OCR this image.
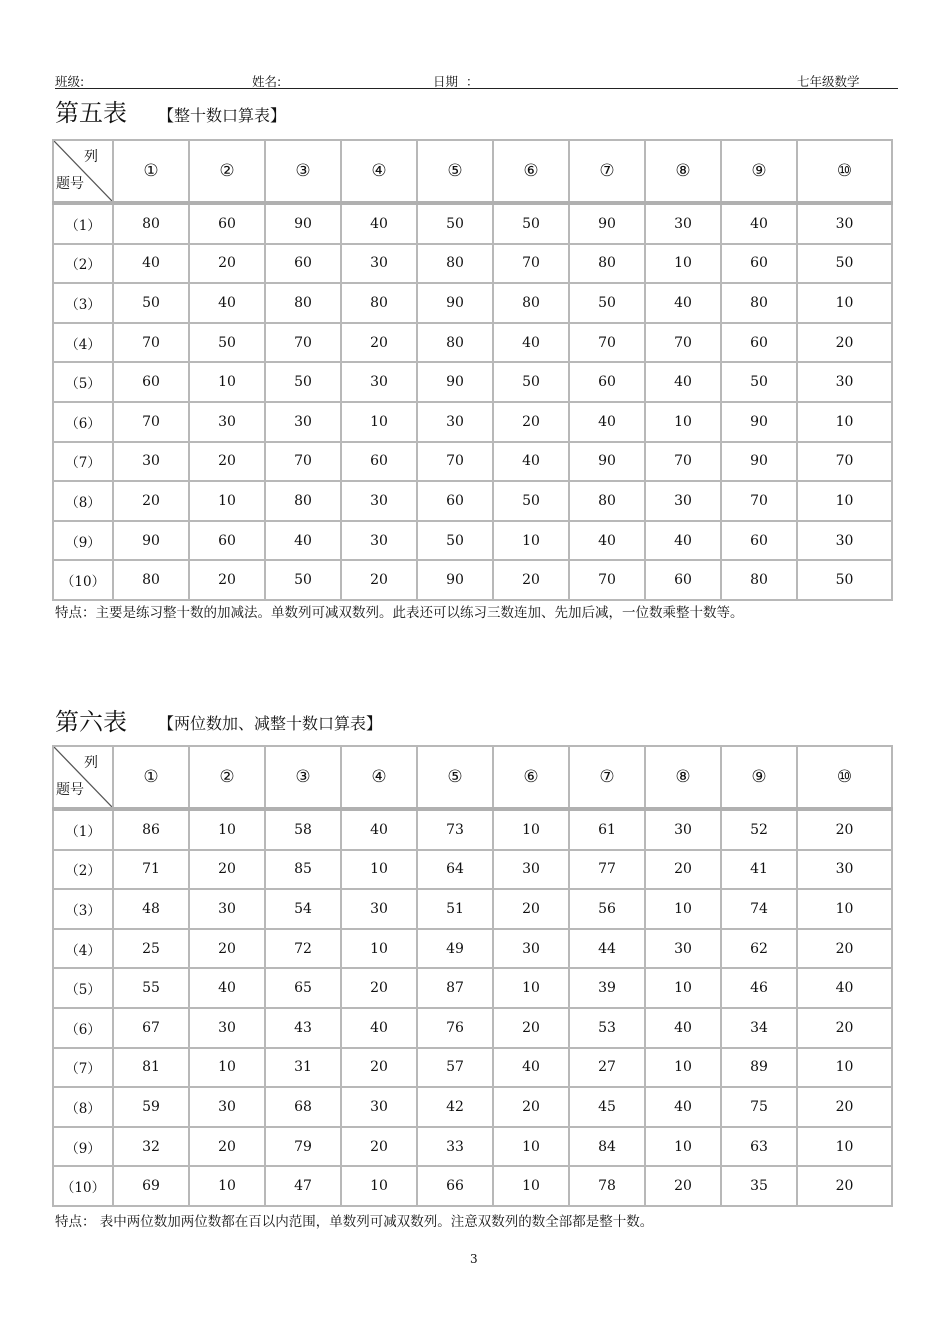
班级:	姓名:	日期  ：	七年级数学
第五表 【整十数口算表】
列
题号	①	②	③	④	⑤	⑥	⑦	⑧	⑨	⑩
（1）	80	60	90	40	50	50	90	30	40	30
（2）	40	20	60	30	80	70	80	10	60	50
（3）	50	40	80	80	90	80	50	40	80	10
（4）	70	50	70	20	80	40	70	70	60	20
（5）	60	10	50	30	90	50	60	40	50	30
（6）	70	30	30	10	30	20	40	10	90	10
（7）	30	20	70	60	70	40	90	70	90	70
（8）	20	10	80	30	60	50	80	30	70	10
（9）	90	60	40	30	50	10	40	40	60	30
（10）	80	20	50	20	90	20	70	60	80	50
特点：主要是练习整十数的加减法。单数列可减双数列。此表还可以练习三数连加、先加后减，一位数乘整十数等。
第六表 【两位数加、减整十数口算表】
列
题号	①	②	③	④	⑤	⑥	⑦	⑧	⑨	⑩
（1）	86	10	58	40	73	10	61	30	52	20
（2）	71	20	85	10	64	30	77	20	41	30
（3）	48	30	54	30	51	20	56	10	74	10
（4）	25	20	72	10	49	30	44	30	62	20
（5）	55	40	65	20	87	10	39	10	46	40
（6）	67	30	43	40	76	20	53	40	34	20
（7）	81	10	31	20	57	40	27	10	89	10
（8）	59	30	68	30	42	20	45	40	75	20
（9）	32	20	79	20	33	10	84	10	63	10
（10）	69	10	47	10	66	10	78	20	35	20
特点： 表中两位数加两位数都在百以内范围，单数列可减双数列。注意双数列的数全部都是整十数。
3
